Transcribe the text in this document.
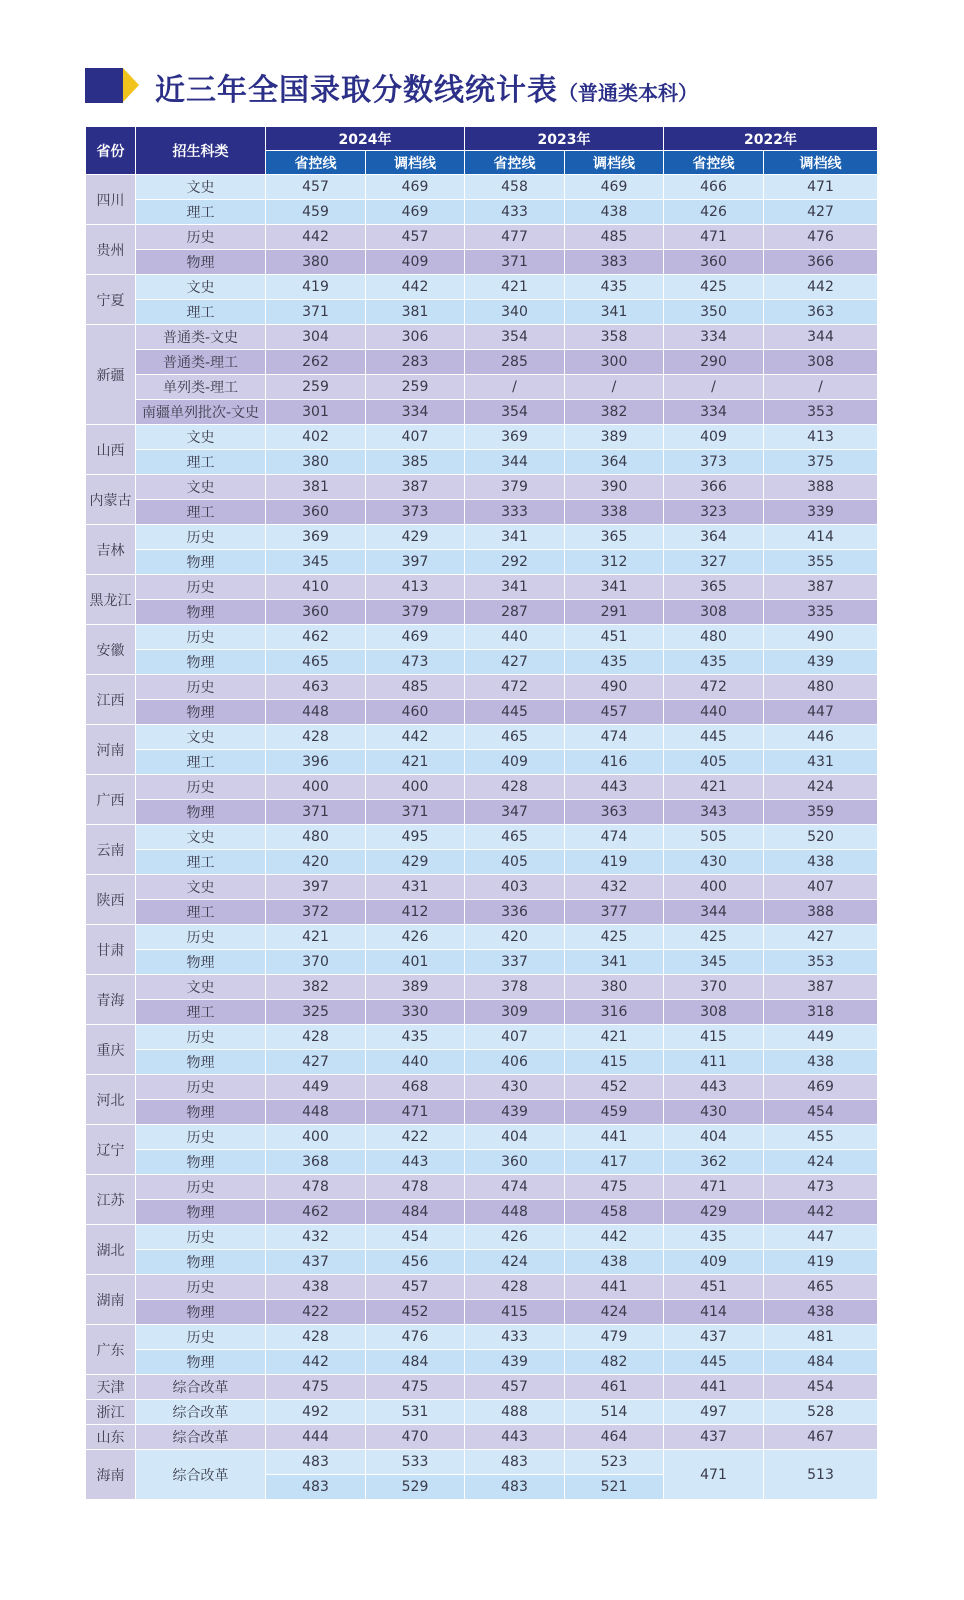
近三年全国录取分数线统计表（普通类本科）
省份	招生科类	2024年		2023年		2022年	
		省控线	调档线	省控线	调档线	省控线	调档线
四川	文史	457	469	458	469	466	471
	理工	459	469	433	438	426	427
贵州	历史	442	457	477	485	471	476
	物理	380	409	371	383	360	366
宁夏	文史	419	442	421	435	425	442
	理工	371	381	340	341	350	363
新疆	普通类-文史	304	306	354	358	334	344
	普通类-理工	262	283	285	300	290	308
	单列类-理工	259	259	/	/	/	/
	南疆单列批次-文史	301	334	354	382	334	353
山西	文史	402	407	369	389	409	413
	理工	380	385	344	364	373	375
内蒙古	文史	381	387	379	390	366	388
	理工	360	373	333	338	323	339
吉林	历史	369	429	341	365	364	414
	物理	345	397	292	312	327	355
黑龙江	历史	410	413	341	341	365	387
	物理	360	379	287	291	308	335
安徽	历史	462	469	440	451	480	490
	物理	465	473	427	435	435	439
江西	历史	463	485	472	490	472	480
	物理	448	460	445	457	440	447
河南	文史	428	442	465	474	445	446
	理工	396	421	409	416	405	431
广西	历史	400	400	428	443	421	424
	物理	371	371	347	363	343	359
云南	文史	480	495	465	474	505	520
	理工	420	429	405	419	430	438
陕西	文史	397	431	403	432	400	407
	理工	372	412	336	377	344	388
甘肃	历史	421	426	420	425	425	427
	物理	370	401	337	341	345	353
青海	文史	382	389	378	380	370	387
	理工	325	330	309	316	308	318
重庆	历史	428	435	407	421	415	449
	物理	427	440	406	415	411	438
河北	历史	449	468	430	452	443	469
	物理	448	471	439	459	430	454
辽宁	历史	400	422	404	441	404	455
	物理	368	443	360	417	362	424
江苏	历史	478	478	474	475	471	473
	物理	462	484	448	458	429	442
湖北	历史	432	454	426	442	435	447
	物理	437	456	424	438	409	419
湖南	历史	438	457	428	441	451	465
	物理	422	452	415	424	414	438
广东	历史	428	476	433	479	437	481
	物理	442	484	439	482	445	484
天津	综合改革	475	475	457	461	441	454
浙江	综合改革	492	531	488	514	497	528
山东	综合改革	444	470	443	464	437	467
海南	综合改革	483	533	483	523	471	513
		483	529	483	521		
